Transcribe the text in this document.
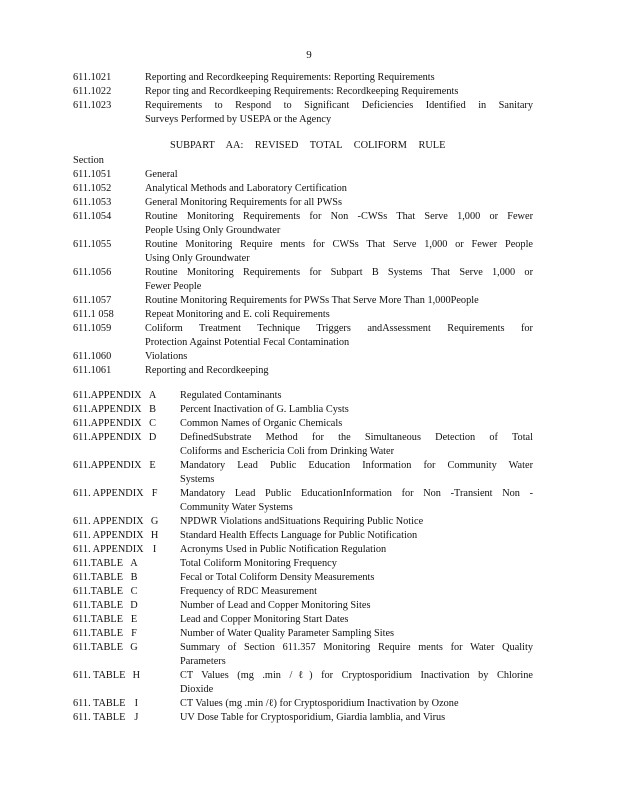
9
611.1021	Reporting and Recordkeeping Requirements: Reporting Requirements
611.1022	Repor ting and Recordkeeping Requirements: Recordkeeping Requirements
611.1023	Requirements to Respond to Significant Deficiencies Identified in Sanitary
Surveys Performed by USEPA or the Agency
SUBPART AA: REVISED TOTAL COLIFORM RULE
Section
611.1051	General
611.1052	Analytical Methods and Laboratory Certification
611.1053	General Monitoring Requirements for all PWSs
611.1054	Routine Monitoring Requirements for Non -CWSs That Serve 1,000 or Fewer
People Using Only Groundwater
611.1055	Routine Monitoring Require ments for CWSs That Serve 1,000 or Fewer People
Using Only Groundwater
611.1056	Routine Monitoring Requirements for Subpart B Systems That Serve 1,000 or
Fewer People
611.1057	Routine Monitoring Requirements for PWSs That Serve More Than 1,000People
611.1 058	Repeat Monitoring and E. coli Requirements
611.1059	Coliform Treatment Technique Triggers andAssessment Requirements for
Protection Against Potential Fecal Contamination
611.1060	Violations
611.1061	Reporting and Recordkeeping
611.APPENDIX A	Regulated Contaminants
611.APPENDIX B	Percent Inactivation of G. Lamblia Cysts
611.APPENDIX C	Common Names of Organic Chemicals
611.APPENDIX D	DefinedSubstrate Method for the Simultaneous Detection of Total
Coliforms and Eschericia Coli from Drinking Water
611.APPENDIX E	Mandatory Lead Public Education Information for Community Water
Systems
611. APPENDIX F	Mandatory Lead Public EducationInformation for Non -Transient Non -
Community Water Systems
611. APPENDIX G	NPDWR Violations andSituations Requiring Public Notice
611. APPENDIX H	Standard Health Effects Language for Public Notification
611. APPENDIX I	Acronyms Used in Public Notification Regulation
611.TABLE A	Total Coliform Monitoring Frequency
611.TABLE B	Fecal or Total Coliform Density Measurements
611.TABLE C	Frequency of RDC Measurement
611.TABLE D	Number of Lead and Copper Monitoring Sites
611.TABLE E	Lead and Copper Monitoring Start Dates
611.TABLE F	Number of Water Quality Parameter Sampling Sites
611.TABLE G	Summary of Section 611.357 Monitoring Require ments for Water Quality
Parameters
611. TABLE H	CT Values (mg .min /ℓ) for Cryptosporidium Inactivation by Chlorine
Dioxide
611. TABLE I	CT Values (mg .min /ℓ) for Cryptosporidium Inactivation by Ozone
611. TABLE J	UV Dose Table for Cryptosporidium, Giardia lamblia, and Virus
